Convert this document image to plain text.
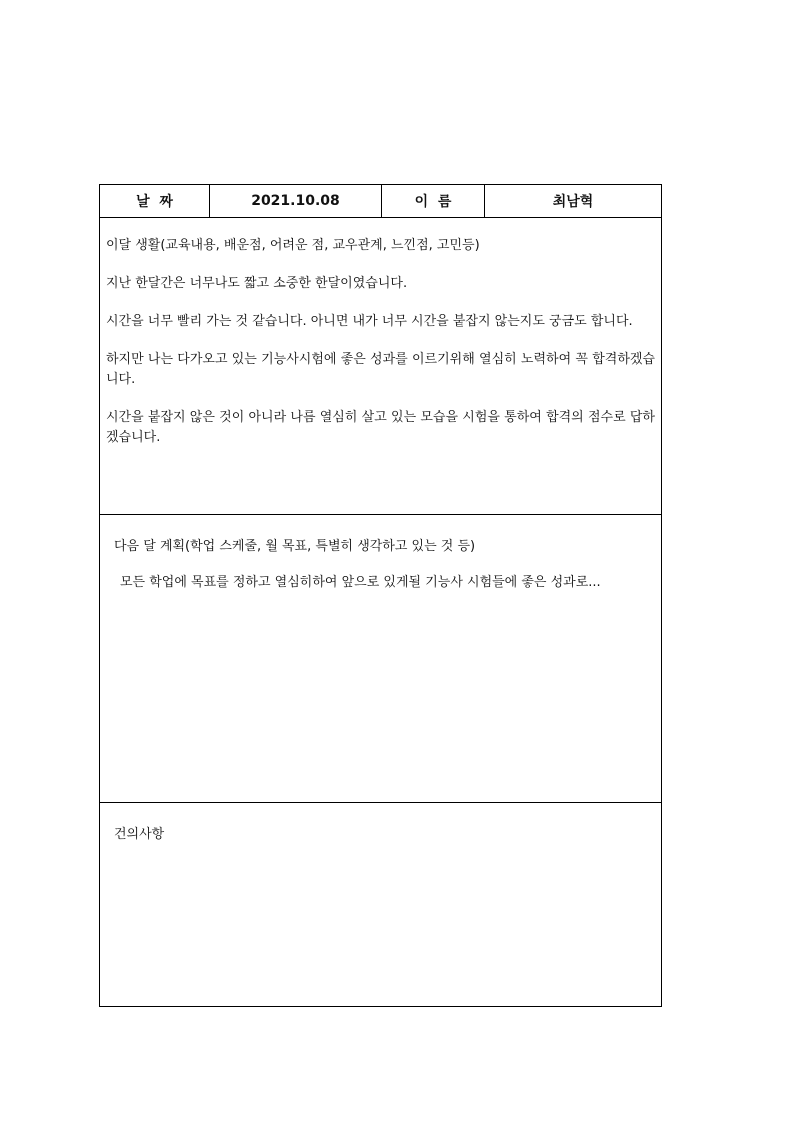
날  짜	2021.10.08	이  름	최남혁

이달 생활(교육내용, 배운점, 어려운 점, 교우관계, 느낀점, 고민등)

지난 한달간은 너무나도 짧고 소중한 한달이였습니다.

시간을 너무 빨리 가는 것 같습니다. 아니면 내가 너무 시간을 붙잡지 않는지도 궁금도 합니다.

하지만 나는 다가오고 있는 기능사시험에 좋은 성과를 이르기위해 열심히 노력하여 꼭 합격하겠습니다.

시간을 붙잡지 않은 것이 아니라 나름 열심히 살고 있는 모습을 시험을 통하여 합격의 점수로 답하겠습니다.

다음 달 계획(학업 스케줄, 월 목표, 특별히 생각하고 있는 것 등)

모든 학업에 목표를 정하고 열심히하여 앞으로 있게될 기능사 시험들에 좋은 성과로...

건의사항
